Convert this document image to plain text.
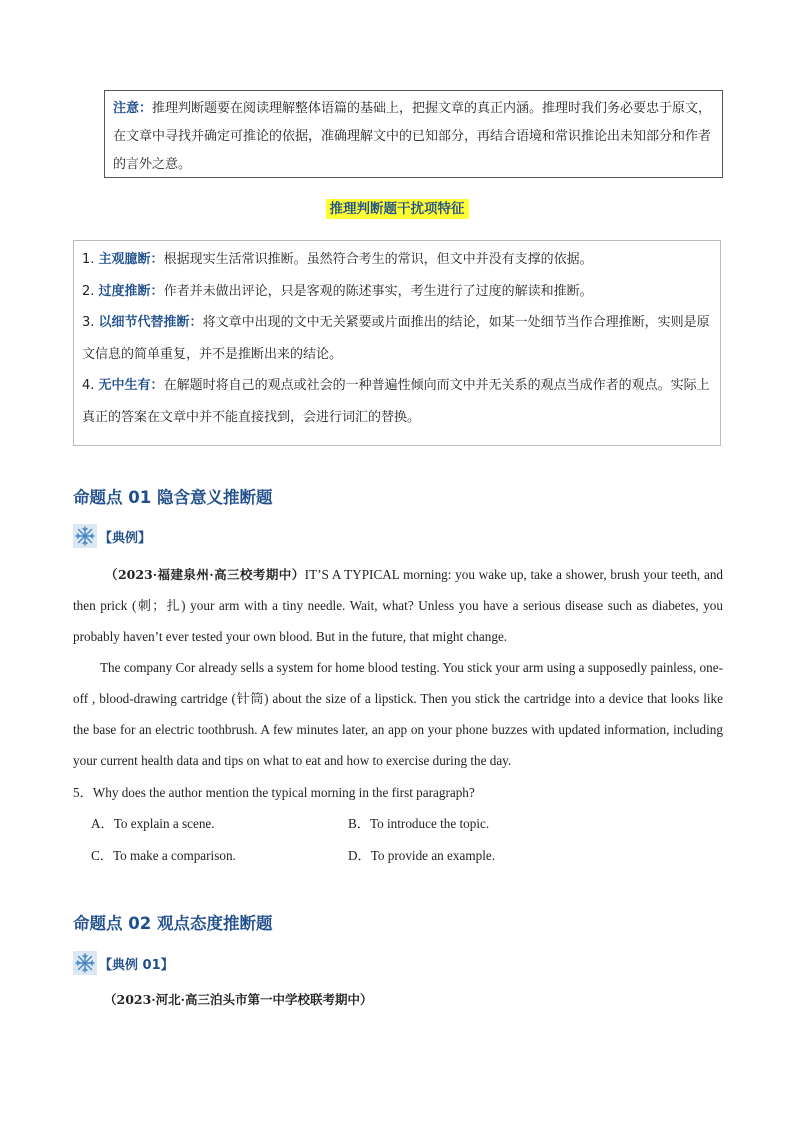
注意：推理判断题要在阅读理解整体语篇的基础上，把握文章的真正内涵。推理时我们务必要忠于原文，在文章中寻找并确定可推论的依据，准确理解文中的已知部分，再结合语境和常识推论出未知部分和作者的言外之意。
推理判断题干扰项特征
1. 主观臆断：根据现实生活常识推断。虽然符合考生的常识，但文中并没有支撑的依据。
2. 过度推断：作者并未做出评论，只是客观的陈述事实，考生进行了过度的解读和推断。
3. 以细节代替推断：将文章中出现的文中无关紧要或片面推出的结论，如某一处细节当作合理推断，实则是原文信息的简单重复，并不是推断出来的结论。
4. 无中生有：在解题时将自己的观点或社会的一种普遍性倾向而文中并无关系的观点当成作者的观点。实际上真正的答案在文章中并不能直接找到，会进行词汇的替换。
命题点 01 隐含意义推断题
【典例】
（2023·福建泉州·高三校考期中）IT’S A TYPICAL morning: you wake up, take a shower, brush your teeth, and then prick (刺；扎) your arm with a tiny needle. Wait, what? Unless you have a serious disease such as diabetes, you probably haven’t ever tested your own blood. But in the future, that might change.
The company Cor already sells a system for home blood testing. You stick your arm using a supposedly painless, one-off , blood-drawing cartridge (针筒) about the size of a lipstick. Then you stick the cartridge into a device that looks like the base for an electric toothbrush. A few minutes later, an app on your phone buzzes with updated information, including your current health data and tips on what to eat and how to exercise during the day.
5．Why does the author mention the typical morning in the first paragraph?
A．To explain a scene.	B．To introduce the topic.
C．To make a comparison.	D．To provide an example.
命题点 02 观点态度推断题
【典例 01】
（2023·河北·高三泊头市第一中学校联考期中）
